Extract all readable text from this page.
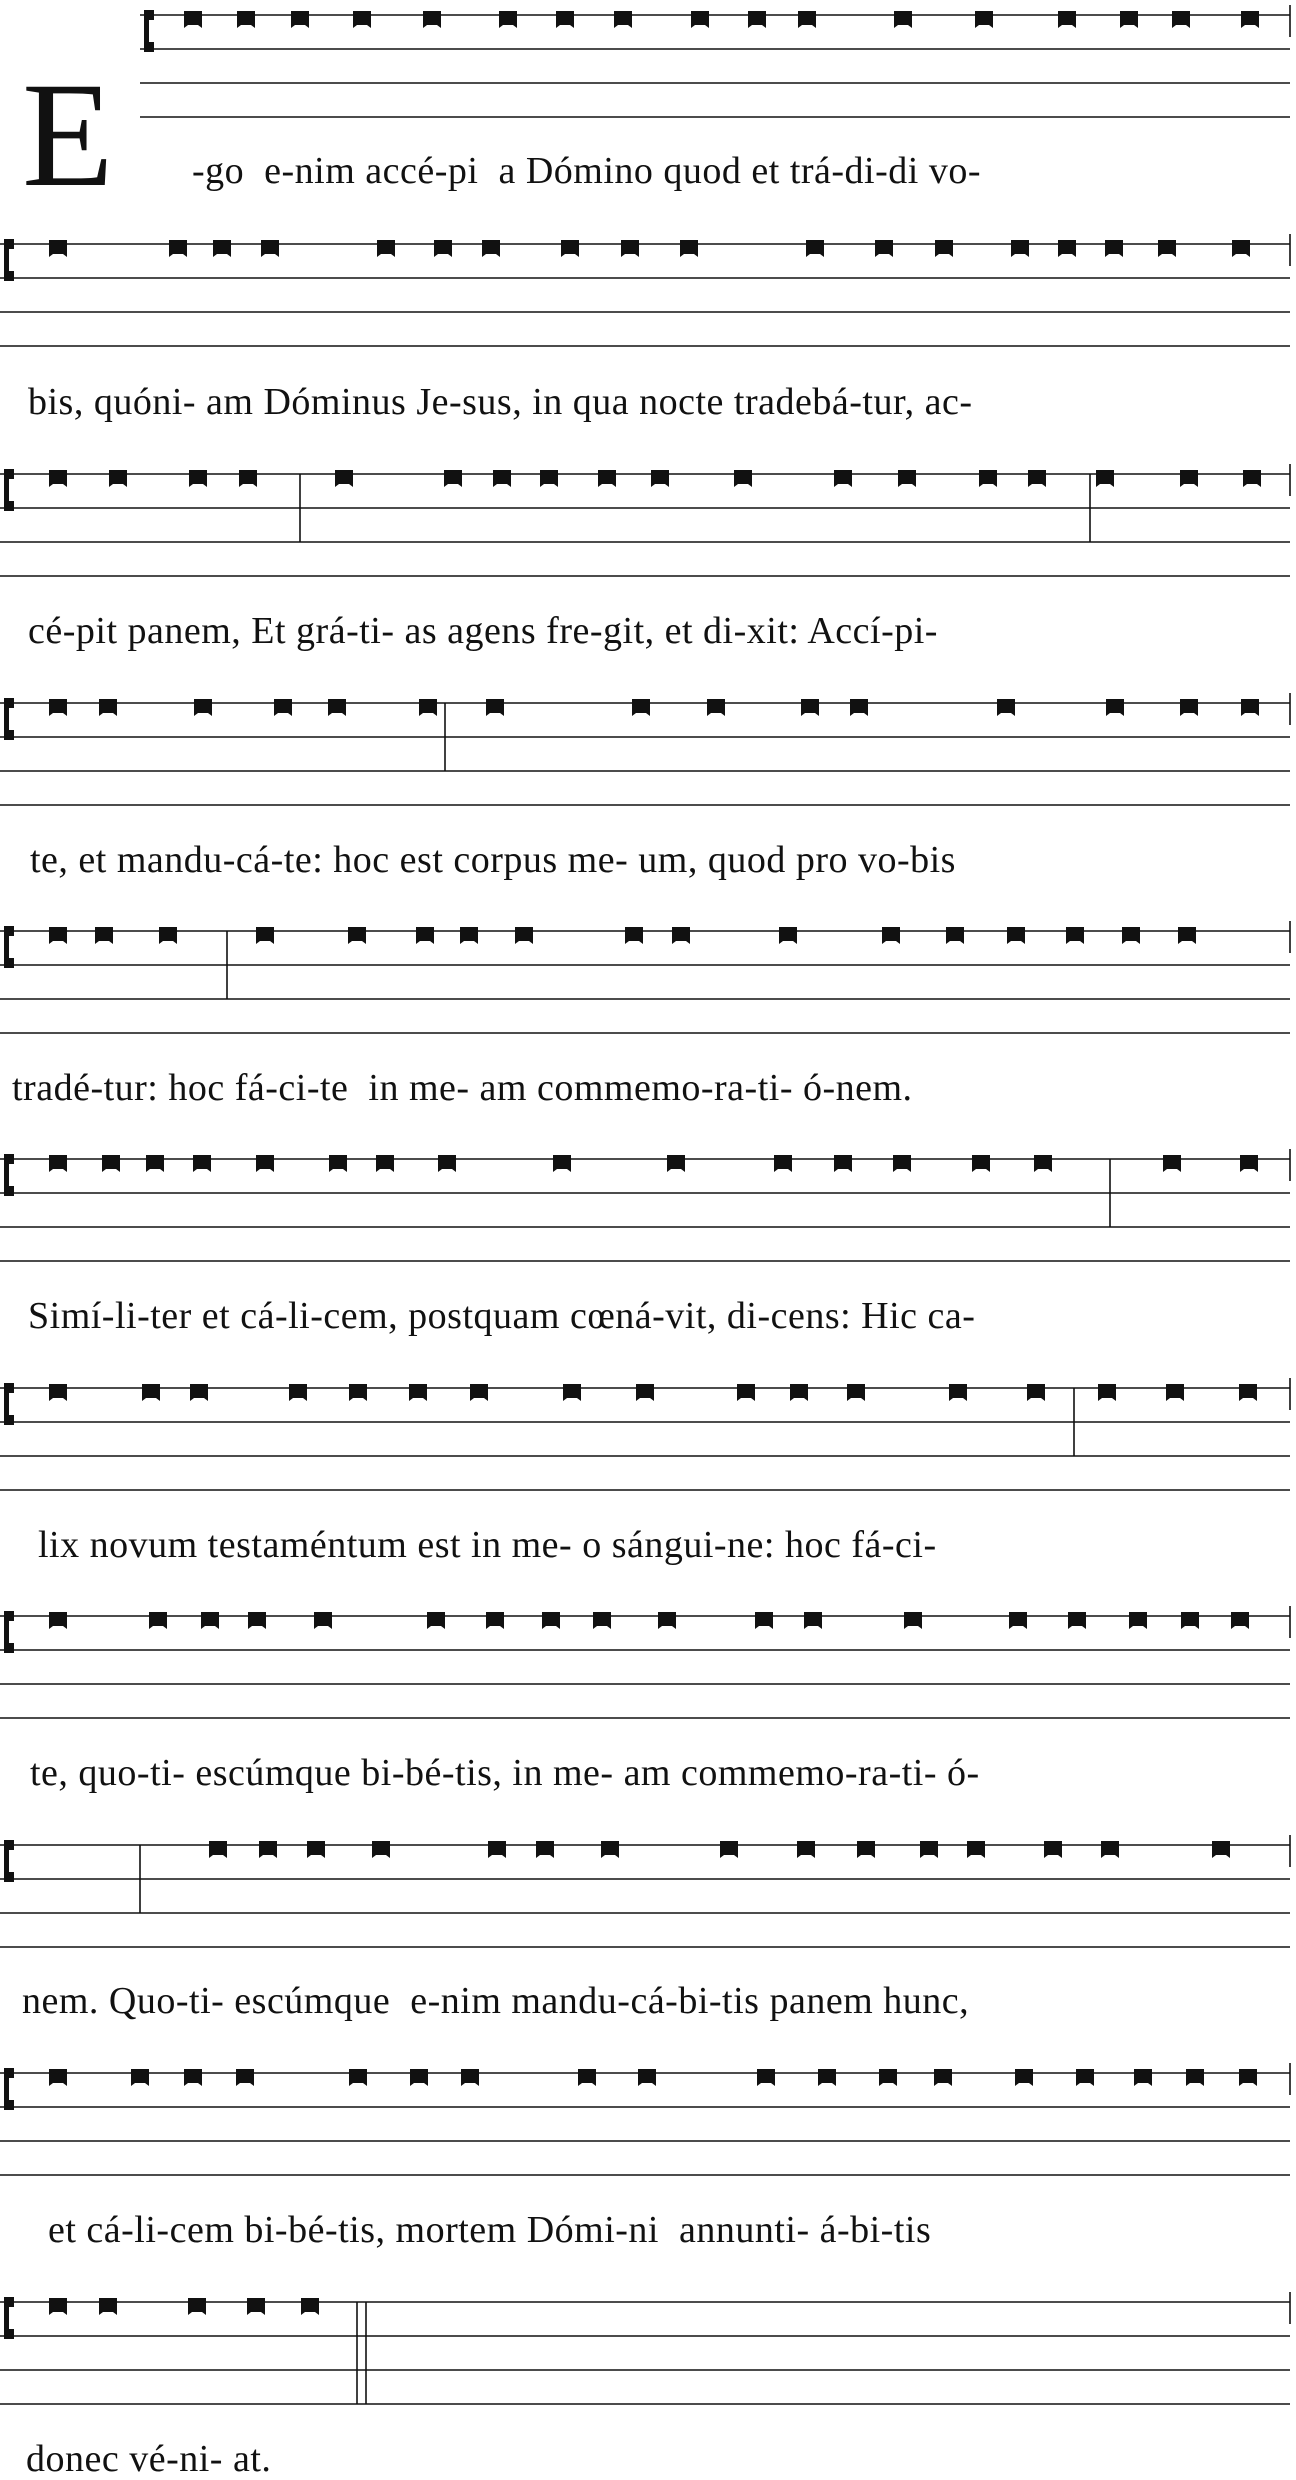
E -go  e-nim accé-pi  a Dómino quod et trá-di-di vo-
bis, quóni- am Dóminus Je-sus, in qua nocte tradebá-tur, ac-
cé-pit panem, Et grá-ti- as agens fre-git, et di-xit: Accí-pi-
te, et mandu-cá-te: hoc est corpus me- um, quod pro vo-bis
tradé-tur: hoc fá-ci-te  in me- am commemo-ra-ti- ó-nem.
Simí-li-ter et cá-li-cem, postquam cœná-vit, di-cens: Hic ca-
lix novum testaméntum est in me- o sángui-ne: hoc fá-ci-
te, quo-ti- escúmque bi-bé-tis, in me- am commemo-ra-ti- ó-
nem. Quo-ti- escúmque  e-nim mandu-cá-bi-tis panem hunc,
et cá-li-cem bi-bé-tis, mortem Dómi-ni  annunti- á-bi-tis
donec vé-ni- at.
